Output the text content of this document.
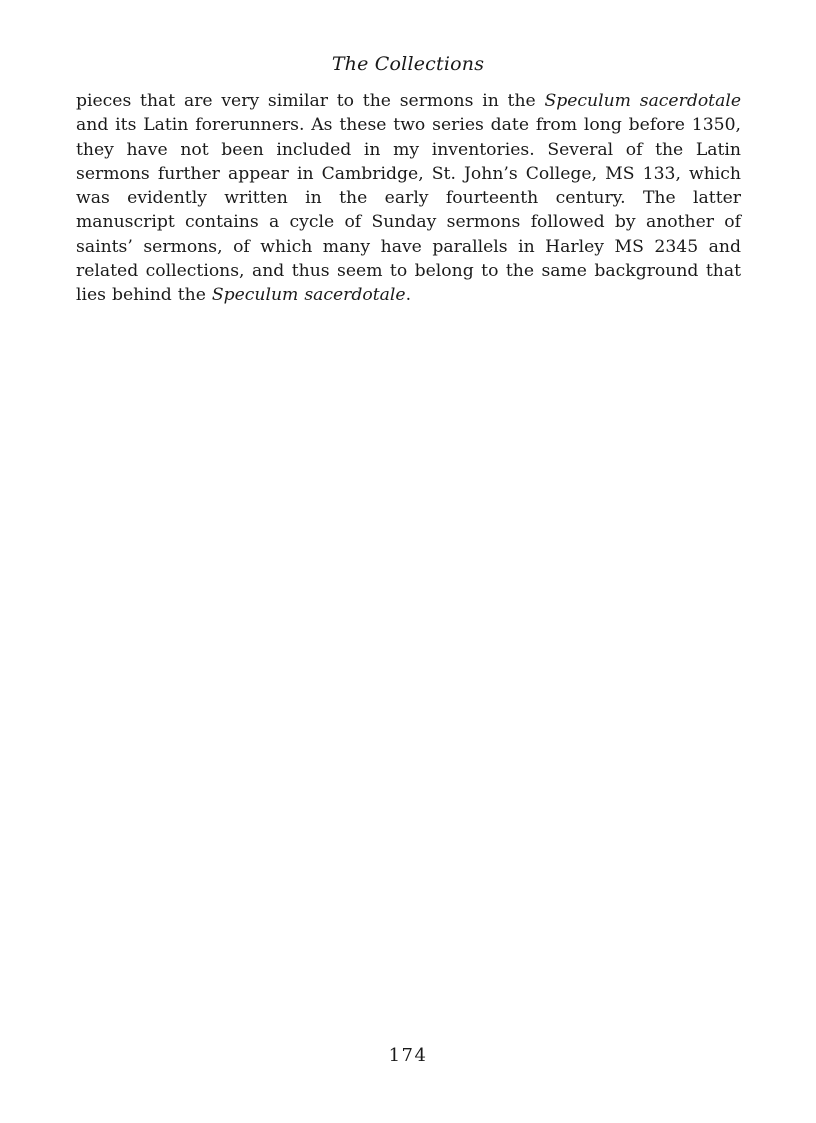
The Collections

pieces that are very similar to the sermons in the Speculum sacerdotale and its Latin forerunners. As these two series date from long before 1350, they have not been included in my inventories. Several of the Latin sermons further appear in Cambridge, St. John’s College, MS 133, which was evidently written in the early fourteenth century. The latter manuscript contains a cycle of Sunday sermons followed by another of saints’ sermons, of which many have parallels in Harley MS 2345 and related collections, and thus seem to belong to the same background that lies behind the Speculum sacerdotale.

174
